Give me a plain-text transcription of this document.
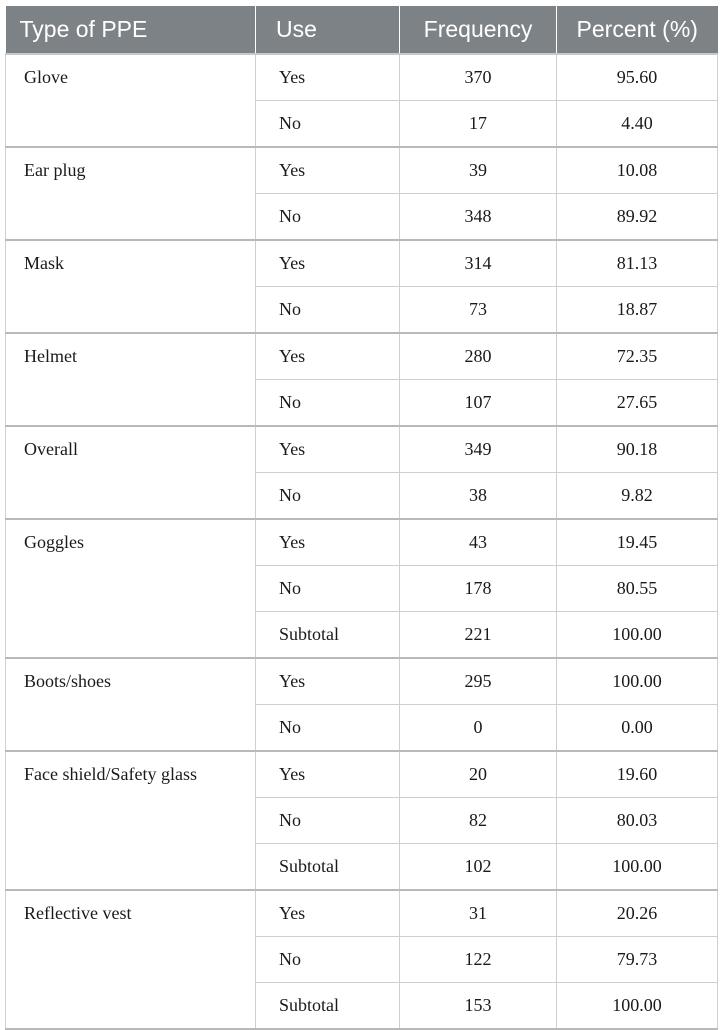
Type of PPE	Use	Frequency	Percent (%)
Glove	Yes	370	95.60
	No	17	4.40
Ear plug	Yes	39	10.08
	No	348	89.92
Mask	Yes	314	81.13
	No	73	18.87
Helmet	Yes	280	72.35
	No	107	27.65
Overall	Yes	349	90.18
	No	38	9.82
Goggles	Yes	43	19.45
	No	178	80.55
	Subtotal	221	100.00
Boots/shoes	Yes	295	100.00
	No	0	0.00
Face shield/Safety glass	Yes	20	19.60
	No	82	80.03
	Subtotal	102	100.00
Reflective vest	Yes	31	20.26
	No	122	79.73
	Subtotal	153	100.00
